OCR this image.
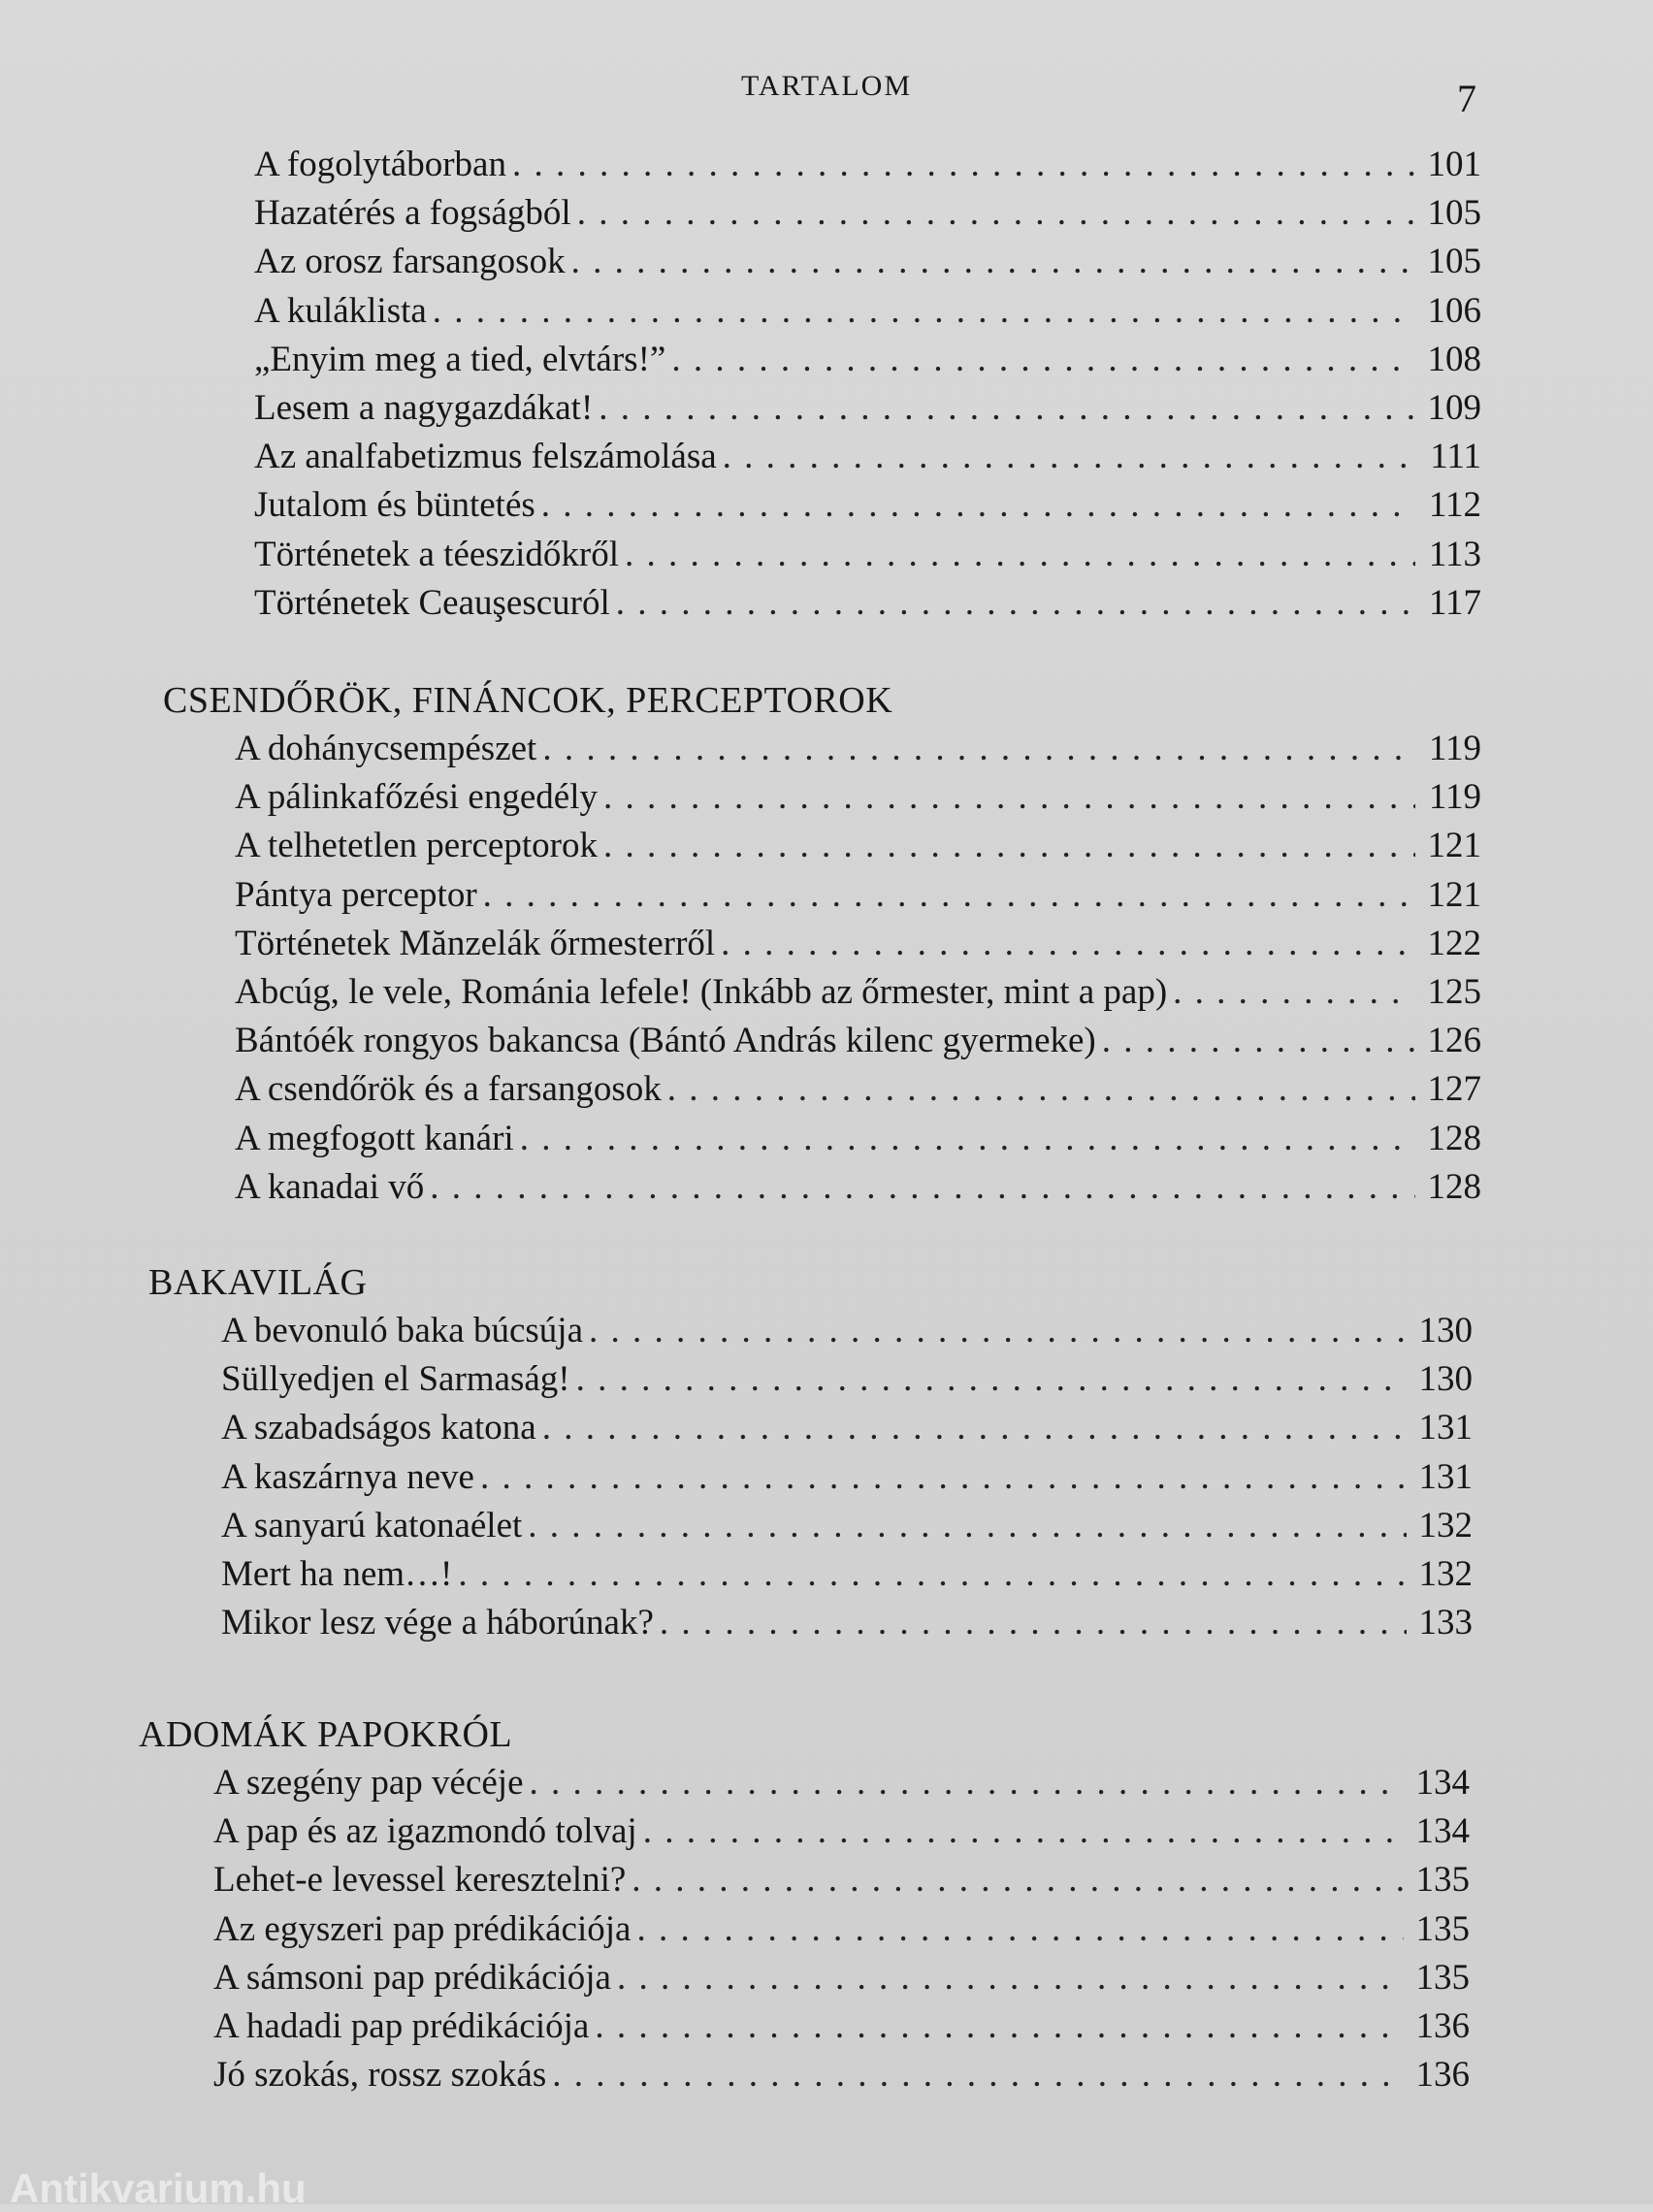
TARTALOM	7
A fogolytáborban . . .	101
Hazatérés a fogságból . . .	105
Az orosz farsangosok . . .	105
A kuláklista . . .	106
„Enyim meg a tied, elvtárs!” . . .	108
Lesem a nagygazdákat! . . .	109
Az analfabetizmus felszámolása . . .	111
Jutalom és büntetés . . .	112
Történetek a téeszidőkről . . .	113
Történetek Ceauşescuról . . .	117
CSENDŐRÖK, FINÁNCOK, PERCEPTOROK
A dohánycsempészet . . .	119
A pálinkafőzési engedély . . .	119
A telhetetlen perceptorok . . .	121
Pántya perceptor . . .	121
Történetek Mănzelák őrmesterről . . .	122
Abcúg, le vele, Románia lefele! (Inkább az őrmester, mint a pap) . . .	125
Bántóék rongyos bakancsa (Bántó András kilenc gyermeke) . . .	126
A csendőrök és a farsangosok . . .	127
A megfogott kanári . . .	128
A kanadai vő . . .	128
BAKAVILÁG
A bevonuló baka búcsúja . . .	130
Süllyedjen el Sarmaság! . . .	130
A szabadságos katona . . .	131
A kaszárnya neve . . .	131
A sanyarú katonaélet . . .	132
Mert ha nem…! . . .	132
Mikor lesz vége a háborúnak? . . .	133
ADOMÁK PAPOKRÓL
A szegény pap vécéje . . .	134
A pap és az igazmondó tolvaj . . .	134
Lehet-e levessel keresztelni? . . .	135
Az egyszeri pap prédikációja . . .	135
A sámsoni pap prédikációja . . .	135
A hadadi pap prédikációja . . .	136
Jó szokás, rossz szokás . . .	136
Antikvarium.hu
